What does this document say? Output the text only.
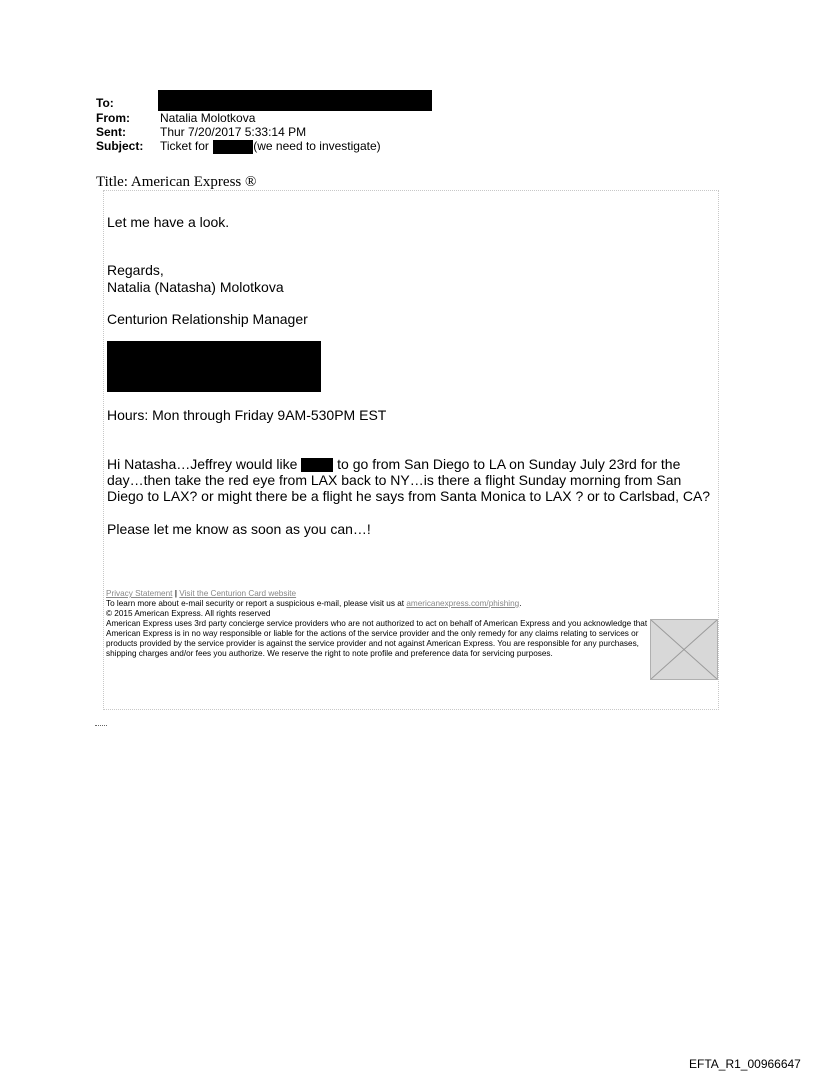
To:
From:	Natalia Molotkova
Sent:	Thur 7/20/2017 5:33:14 PM
Subject: Ticket for	(we need to investigate)
Title: American Express ®
Let me have a look.
Regards,
Natalia (Natasha) Molotkova
Centurion Relationship Manager
Hours: Mon through Friday 9AM-530PM EST
Hi Natasha…Jeffrey would like	to go from San Diego to LA on Sunday July 23rd for the day…then take the red eye from LAX back to NY…is there a flight Sunday morning from San Diego to LAX? or might there be a flight he says from Santa Monica to LAX ? or to Carlsbad, CA?
Please let me know as soon as you can…!
Privacy Statement | Visit the Centurion Card website
To learn more about e-mail security or report a suspicious e-mail, please visit us at americanexpress.com/phishing.
© 2015 American Express. All rights reserved
American Express uses 3rd party concierge service providers who are not authorized to act on behalf of American Express and you acknowledge that American Express is in no way responsible or liable for the actions of the service provider and the only remedy for any claims relating to services or products provided by the service provider is against the service provider and not against American Express. You are responsible for any purchases, shipping charges and/or fees you authorize. We reserve the right to note profile and preference data for servicing purposes.
EFTA_R1_00966647
